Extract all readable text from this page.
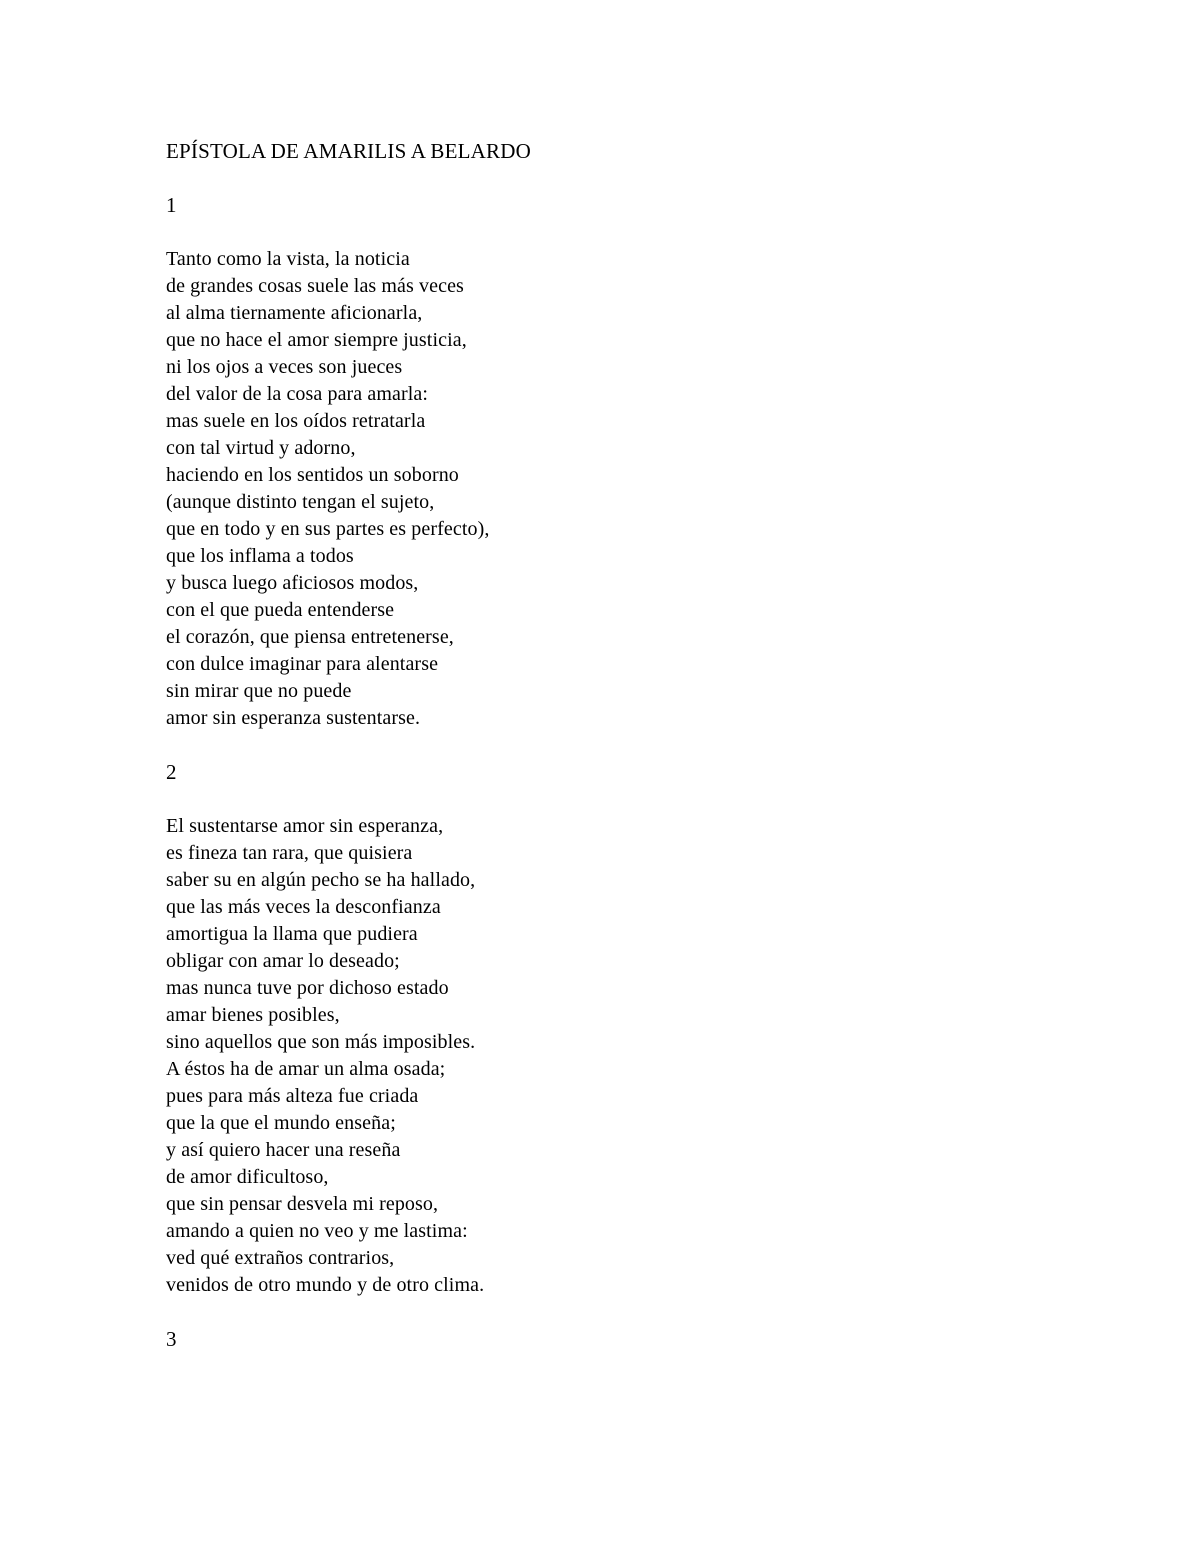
EPÍSTOLA DE AMARILIS A BELARDO
1
Tanto como la vista, la noticia
de grandes cosas suele las más veces
al alma tiernamente aficionarla,
que no hace el amor siempre justicia,
ni los ojos a veces son jueces
del valor de la cosa para amarla:
mas suele en los oídos retratarla
con tal virtud y adorno,
haciendo en los sentidos un soborno
(aunque distinto tengan el sujeto,
que en todo y en sus partes es perfecto),
que los inflama a todos
y busca luego aficiosos modos,
con el que pueda entenderse
el corazón, que piensa entretenerse,
con dulce imaginar para alentarse
sin mirar que no puede
amor sin esperanza sustentarse.
2
El sustentarse amor sin esperanza,
es fineza tan rara, que quisiera
saber su en algún pecho se ha hallado,
que las más veces la desconfianza
amortigua la llama que pudiera
obligar con amar lo deseado;
mas nunca tuve por dichoso estado
amar bienes posibles,
sino aquellos que son más imposibles.
A éstos ha de amar un alma osada;
pues para más alteza fue criada
que la que el mundo enseña;
y así quiero hacer una reseña
de amor dificultoso,
que sin pensar desvela mi reposo,
amando a quien no veo y me lastima:
ved qué extraños contrarios,
venidos de otro mundo y de otro clima.
3
